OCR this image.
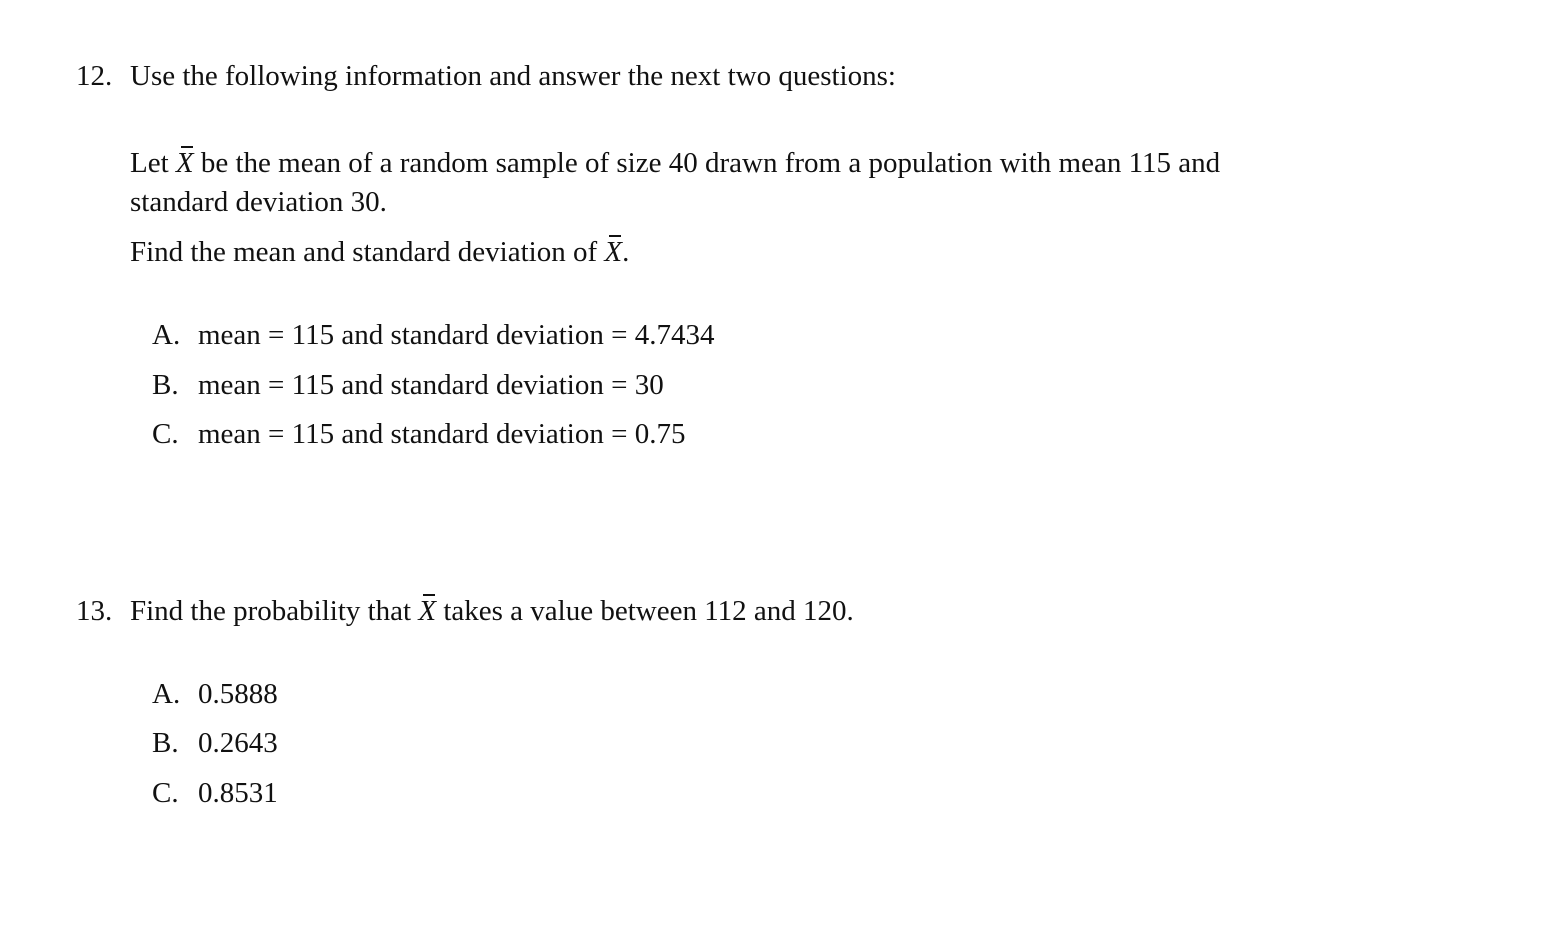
12. Use the following information and answer the next two questions:
Let X be the mean of a random sample of size 40 drawn from a population with mean 115 and
standard deviation 30.
Find the mean and standard deviation of X.
A. mean = 115 and standard deviation = 4.7434
B. mean = 115 and standard deviation = 30
C. mean = 115 and standard deviation = 0.75
13. Find the probability that X takes a value between 112 and 120.
A. 0.5888
B. 0.2643
C. 0.8531
